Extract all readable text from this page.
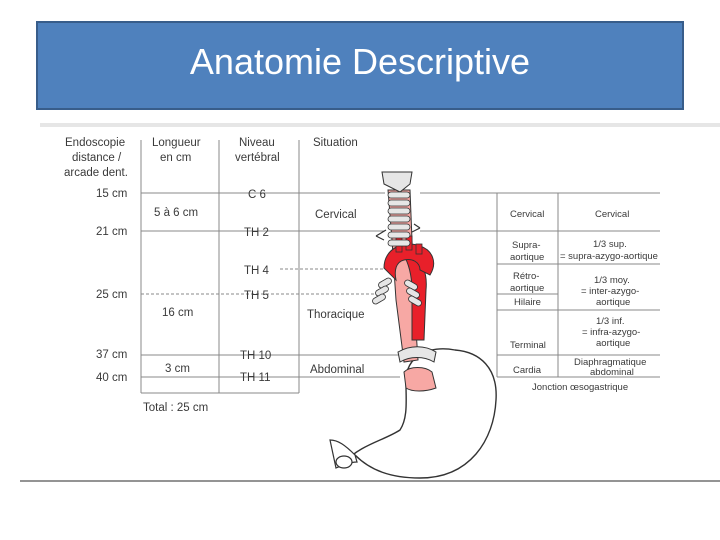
Anatomie Descriptive
Endoscopie
distance /
arcade dent.
Longueur
en cm
Niveau
vertébral
Situation
15 cm
21 cm
25 cm
37 cm
40 cm
5 à 6 cm
16 cm
3 cm
Total : 25 cm
C 6
TH 2
TH 4
TH 5
TH 10
TH 11
Cervical
Thoracique
Abdominal
Cervical
Supra-
aortique
Rétro-
aortique
Hilaire
Terminal
Cardia
Cervical
1/3 sup.
= supra-azygo-aortique
1/3 moy.
= inter-azygo-
aortique
1/3 inf.
= infra-azygo-
aortique
Diaphragmatique
abdominal
Jonction œsogastrique
